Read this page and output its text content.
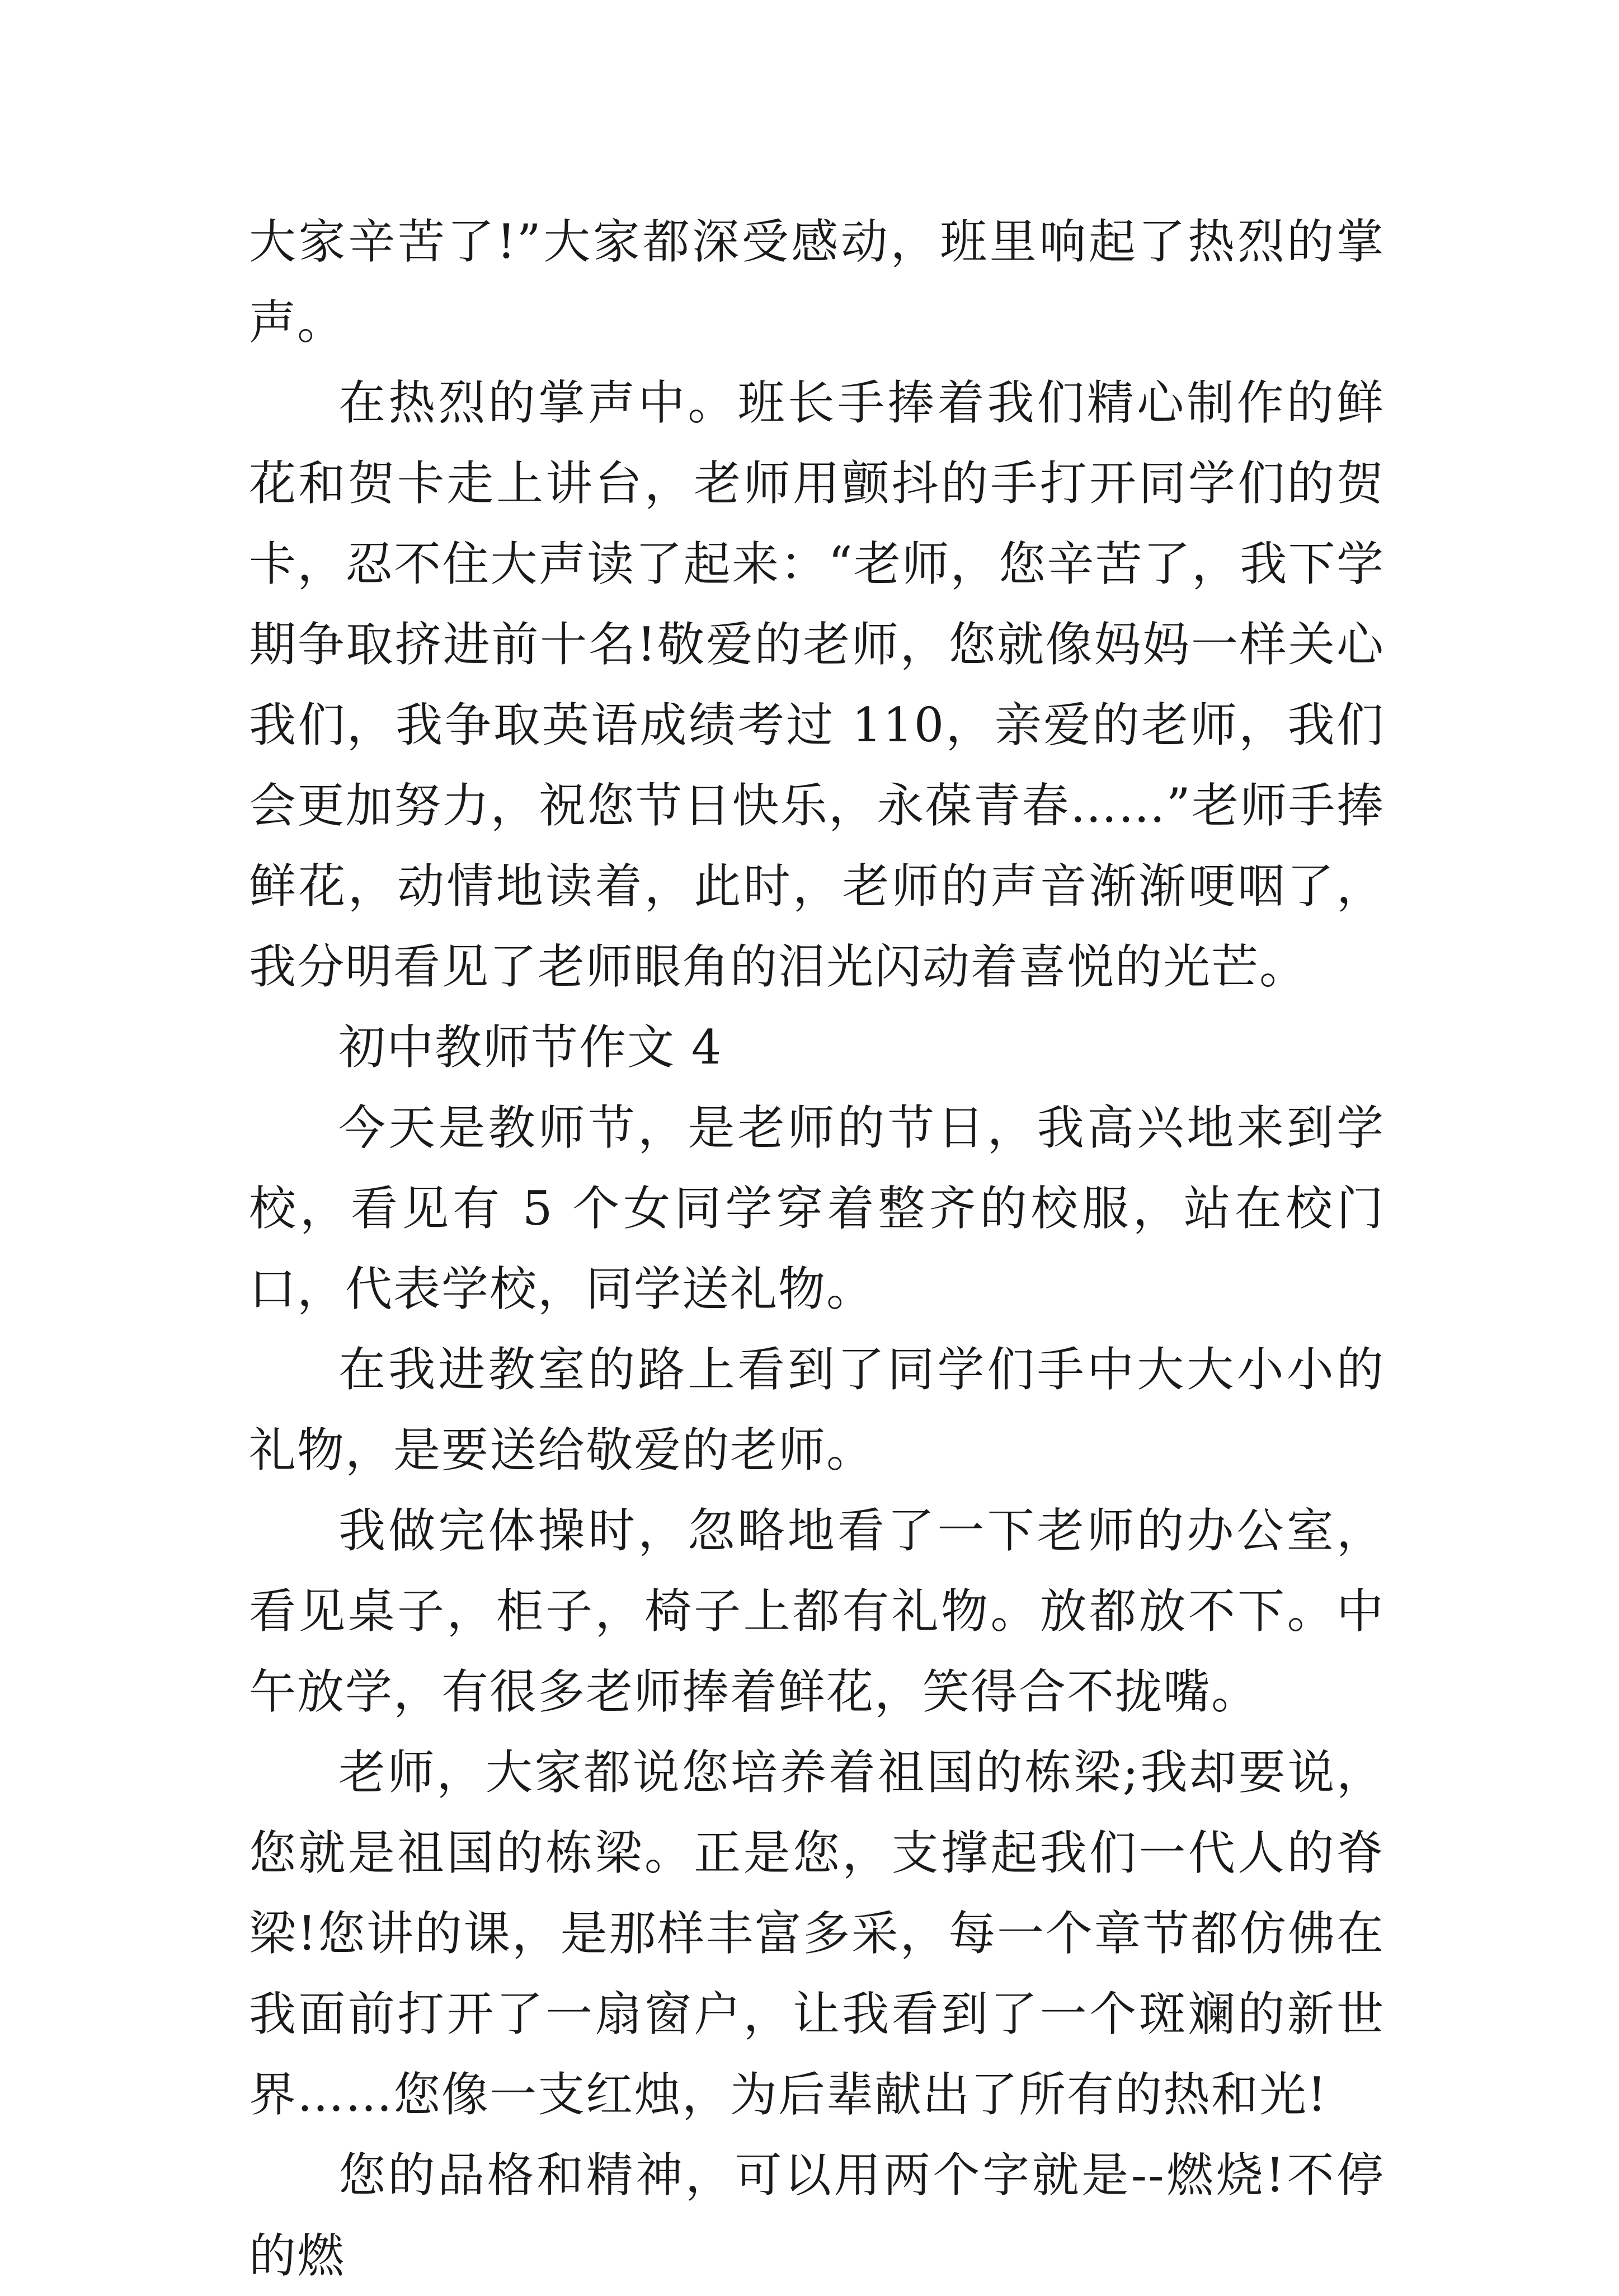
大家辛苦了!”大家都深受感动，班里响起了热烈的掌声。

在热烈的掌声中。班长手捧着我们精心制作的鲜花和贺卡走上讲台，老师用颤抖的手打开同学们的贺卡，忍不住大声读了起来：“老师，您辛苦了，我下学期争取挤进前十名!敬爱的老师，您就像妈妈一样关心我们，我争取英语成绩考过 110，亲爱的老师，我们会更加努力，祝您节日快乐，永葆青春……”老师手捧鲜花，动情地读着，此时，老师的声音渐渐哽咽了，我分明看见了老师眼角的泪光闪动着喜悦的光芒。

初中教师节作文 4

今天是教师节，是老师的节日，我高兴地来到学校，看见有 5 个女同学穿着整齐的校服，站在校门口，代表学校，同学送礼物。

在我进教室的路上看到了同学们手中大大小小的礼物，是要送给敬爱的老师。

我做完体操时，忽略地看了一下老师的办公室，看见桌子，柜子，椅子上都有礼物。放都放不下。中午放学，有很多老师捧着鲜花，笑得合不拢嘴。

老师，大家都说您培养着祖国的栋梁;我却要说，您就是祖国的栋梁。正是您，支撑起我们一代人的脊梁!您讲的课，是那样丰富多采，每一个章节都仿佛在我面前打开了一扇窗户，让我看到了一个斑斓的新世界……您像一支红烛，为后辈献出了所有的热和光!

您的品格和精神，可以用两个字就是--燃烧!不停的燃
